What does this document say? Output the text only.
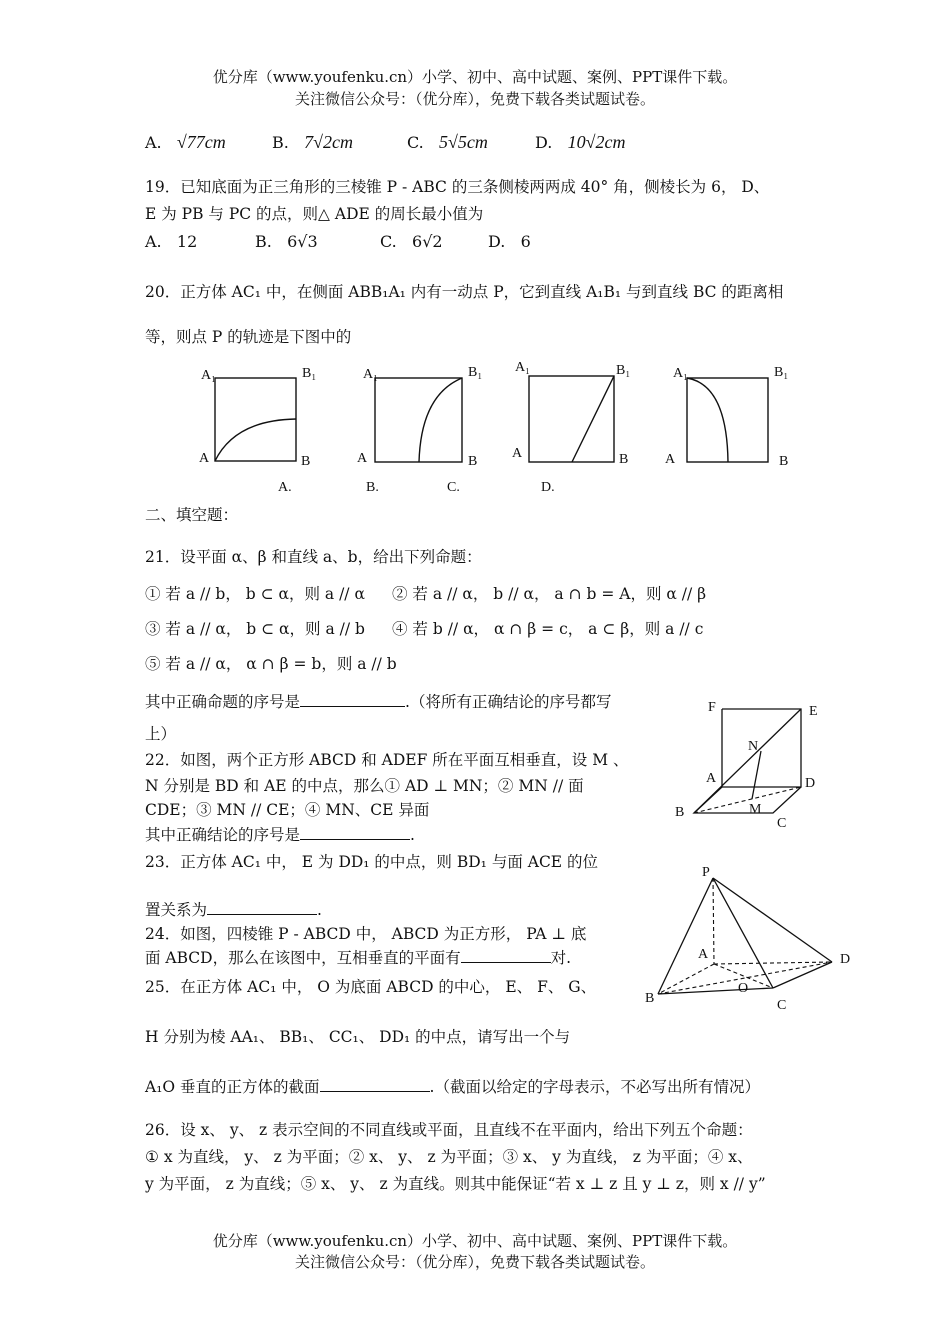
优分库（www.youfenku.cn）小学、初中、高中试题、案例、PPT课件下载。
关注微信公众号：（优分库），免费下载各类试题试卷。
A. √77cm	B. 7√2cm	C. 5√5cm	D. 10√2cm
19．已知底面为正三角形的三棱锥 P - ABC 的三条侧棱两两成 40° 角，侧棱长为 6， D、
E 为 PB 与 PC 的点，则△ ADE 的周长最小值为
A. 12	B. 6√3	C. 6√2	D. 6
20．正方体 AC₁ 中，在侧面 ABB₁A₁ 内有一动点 P，它到直线 A₁B₁ 与到直线 BC 的距离相
等，则点 P 的轨迹是下图中的
A₁	B₁
A	B
A.
A₁	B₁
A	B
B.
A₁	B₁
A	B
C.
A₁	B₁
A	B
D.
二、填空题：
21．设平面 α、β 和直线 a、b，给出下列命题：
① 若 a // b， b ⊂ α，则 a // α ② 若 a // α， b // α， a ∩ b = A，则 α // β
③ 若 a // α， b ⊂ α，则 a // b ④ 若 b // α， α ∩ β = c， a ⊂ β，则 a // c
⑤ 若 a // α， α ∩ β = b，则 a // b
其中正确命题的序号是	.（将所有正确结论的序号都写
上）
22．如图，两个正方形 ABCD 和 ADEF 所在平面互相垂直，设 M 、
N 分别是 BD 和 AE 的中点，那么① AD ⊥ MN；② MN // 面
CDE；③ MN // CE；④ MN、CE 异面
其中正确结论的序号是	.
F	E
N
A	D
M
B
C
23．正方体 AC₁ 中， E 为 DD₁ 的中点，则 BD₁ 与面 ACE 的位
置关系为	.
24．如图，四棱锥 P - ABCD 中， ABCD 为正方形， PA ⊥ 底
面 ABCD，那么在该图中，互相垂直的平面有	对.
P
A	D
O
B	C
25．在正方体 AC₁ 中， O 为底面 ABCD 的中心， E、 F、 G、
H 分别为棱 AA₁、 BB₁、 CC₁、 DD₁ 的中点，请写出一个与
A₁O 垂直的正方体的截面	.（截面以给定的字母表示，不必写出所有情况）
26．设 x、 y、 z 表示空间的不同直线或平面，且直线不在平面内，给出下列五个命题：
① x 为直线， y、 z 为平面；② x、 y、 z 为平面；③ x、 y 为直线， z 为平面；④ x、
y 为平面， z 为直线；⑤ x、 y、 z 为直线。则其中能保证“若 x ⊥ z 且 y ⊥ z，则 x // y”
优分库（www.youfenku.cn）小学、初中、高中试题、案例、PPT课件下载。
关注微信公众号：（优分库），免费下载各类试题试卷。
